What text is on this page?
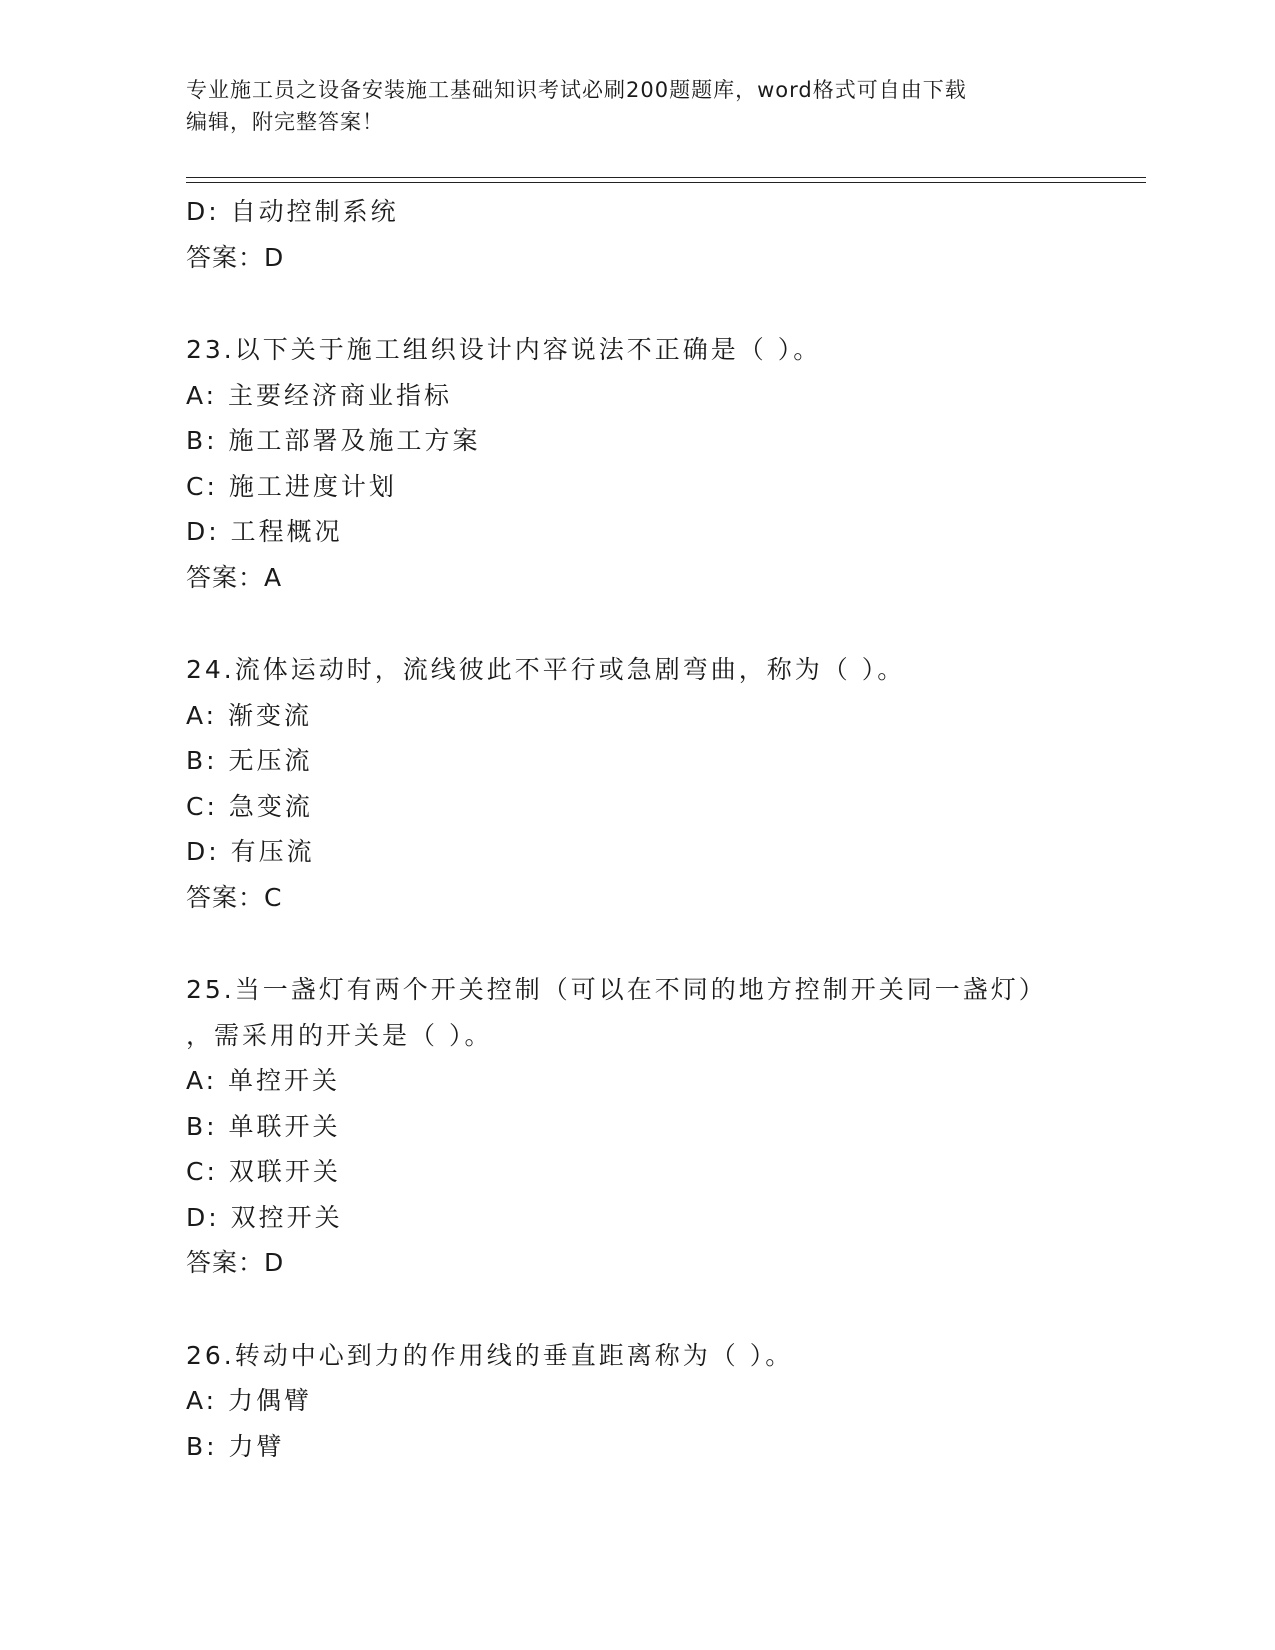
专业施工员之设备安装施工基础知识考试必刷200题题库，word格式可自由下载
编辑，附完整答案！
D: 自动控制系统
答案：D
23.以下关于施工组织设计内容说法不正确是（ ）。
A: 主要经济商业指标
B: 施工部署及施工方案
C: 施工进度计划
D: 工程概况
答案：A
24.流体运动时，流线彼此不平行或急剧弯曲，称为（ ）。
A: 渐变流
B: 无压流
C: 急变流
D: 有压流
答案：C
25.当一盏灯有两个开关控制（可以在不同的地方控制开关同一盏灯）
，需采用的开关是（ ）。
A: 单控开关
B: 单联开关
C: 双联开关
D: 双控开关
答案：D
26.转动中心到力的作用线的垂直距离称为（ ）。
A: 力偶臂
B: 力臂
